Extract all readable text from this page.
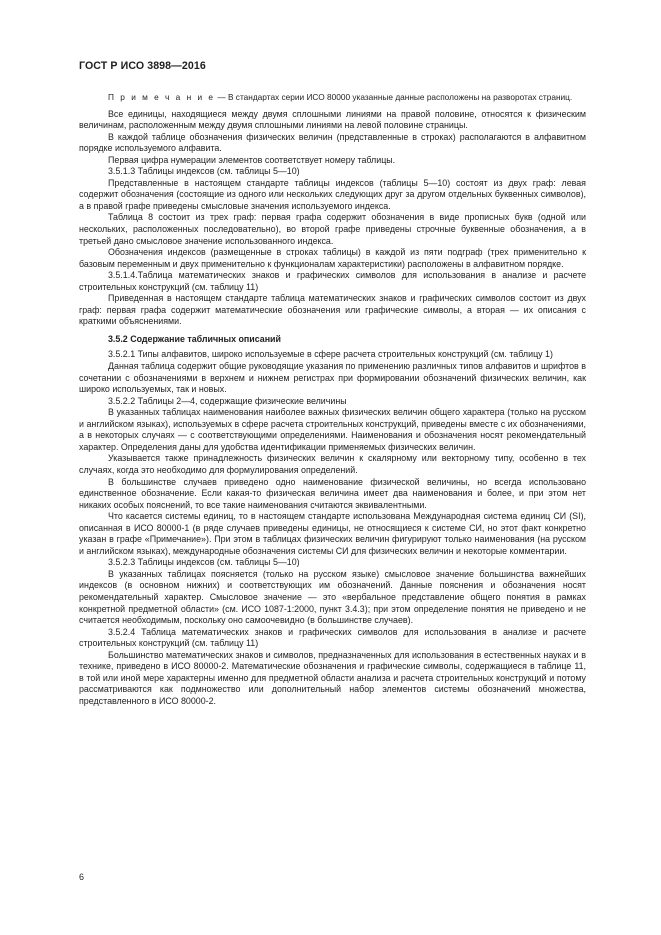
ГОСТ Р ИСО 3898—2016

П р и м е ч а н и е — В стандартах серии ИСО 80000 указанные данные расположены на разворотах страниц.

Все единицы, находящиеся между двумя сплошными линиями на правой половине, относятся к физическим величинам, расположенным между двумя сплошными линиями на левой половине страницы.

В каждой таблице обозначения физических величин (представленные в строках) располагаются в алфавитном порядке используемого алфавита.

Первая цифра нумерации элементов соответствует номеру таблицы.

3.5.1.3 Таблицы индексов (см. таблицы 5—10)

Представленные в настоящем стандарте таблицы индексов (таблицы 5—10) состоят из двух граф: левая содержит обозначения (состоящие из одного или нескольких следующих друг за другом отдельных буквенных символов), а в правой графе приведены смысловые значения используемого индекса.

Таблица 8 состоит из трех граф: первая графа содержит обозначения в виде прописных букв (одной или нескольких, расположенных последовательно), во второй графе приведены строчные буквенные обозначения, а в третьей дано смысловое значение использованного индекса.

Обозначения индексов (размещенные в строках таблицы) в каждой из пяти подграф (трех применительно к базовым переменным и двух применительно к функционалам характеристики) расположены в алфавитном порядке.

3.5.1.4.Таблица математических знаков и графических символов для использования в анализе и расчете строительных конструкций (см. таблицу 11)

Приведенная в настоящем стандарте таблица математических знаков и графических символов состоит из двух граф: первая графа содержит математические обозначения или графические символы, а вторая — их описания с краткими объяснениями.

3.5.2 Содержание табличных описаний

3.5.2.1 Типы алфавитов, широко используемые в сфере расчета строительных конструкций (см. таблицу 1)

Данная таблица содержит общие руководящие указания по применению различных типов алфавитов и шрифтов в сочетании с обозначениями в верхнем и нижнем регистрах при формировании обозначений физических величин, как широко используемых, так и новых.

3.5.2.2 Таблицы 2—4, содержащие физические величины

В указанных таблицах наименования наиболее важных физических величин общего характера (только на русском и английском языках), используемых в сфере расчета строительных конструкций, приведены вместе с их обозначениями, а в некоторых случаях — с соответствующими определениями. Наименования и обозначения носят рекомендательный характер. Определения даны для удобства идентификации применяемых физических величин.

Указывается также принадлежность физических величин к скалярному или векторному типу, особенно в тех случаях, когда это необходимо для формулирования определений.

В большинстве случаев приведено одно наименование физической величины, но всегда использовано единственное обозначение. Если какая-то физическая величина имеет два наименования и более, и при этом нет никаких особых пояснений, то все такие наименования считаются эквивалентными.

Что касается системы единиц, то в настоящем стандарте использована Международная система единиц СИ (SI), описанная в ИСО 80000-1 (в ряде случаев приведены единицы, не относящиеся к системе СИ, но этот факт конкретно указан в графе «Примечание»). При этом в таблицах физических величин фигурируют только наименования (на русском и английском языках), международные обозначения системы СИ для физических величин и некоторые комментарии.

3.5.2.3 Таблицы индексов (см. таблицы 5—10)

В указанных таблицах поясняется (только на русском языке) смысловое значение большинства важнейших индексов (в основном нижних) и соответствующих им обозначений. Данные пояснения и обозначения носят рекомендательный характер. Смысловое значение — это «вербальное представление общего понятия в рамках конкретной предметной области» (см. ИСО 1087-1:2000, пункт 3.4.3); при этом определение понятия не приведено и не считается необходимым, поскольку оно самоочевидно (в большинстве случаев).

3.5.2.4 Таблица математических знаков и графических символов для использования в анализе и расчете строительных конструкций (см. таблицу 11)

Большинство математических знаков и символов, предназначенных для использования в естественных науках и в технике, приведено в ИСО 80000-2. Математические обозначения и графические символы, содержащиеся в таблице 11, в той или иной мере характерны именно для предметной области анализа и расчета строительных конструкций и потому рассматриваются как подмножество или дополнительный набор элементов системы обозначений множества, представленного в ИСО 80000-2.

6
